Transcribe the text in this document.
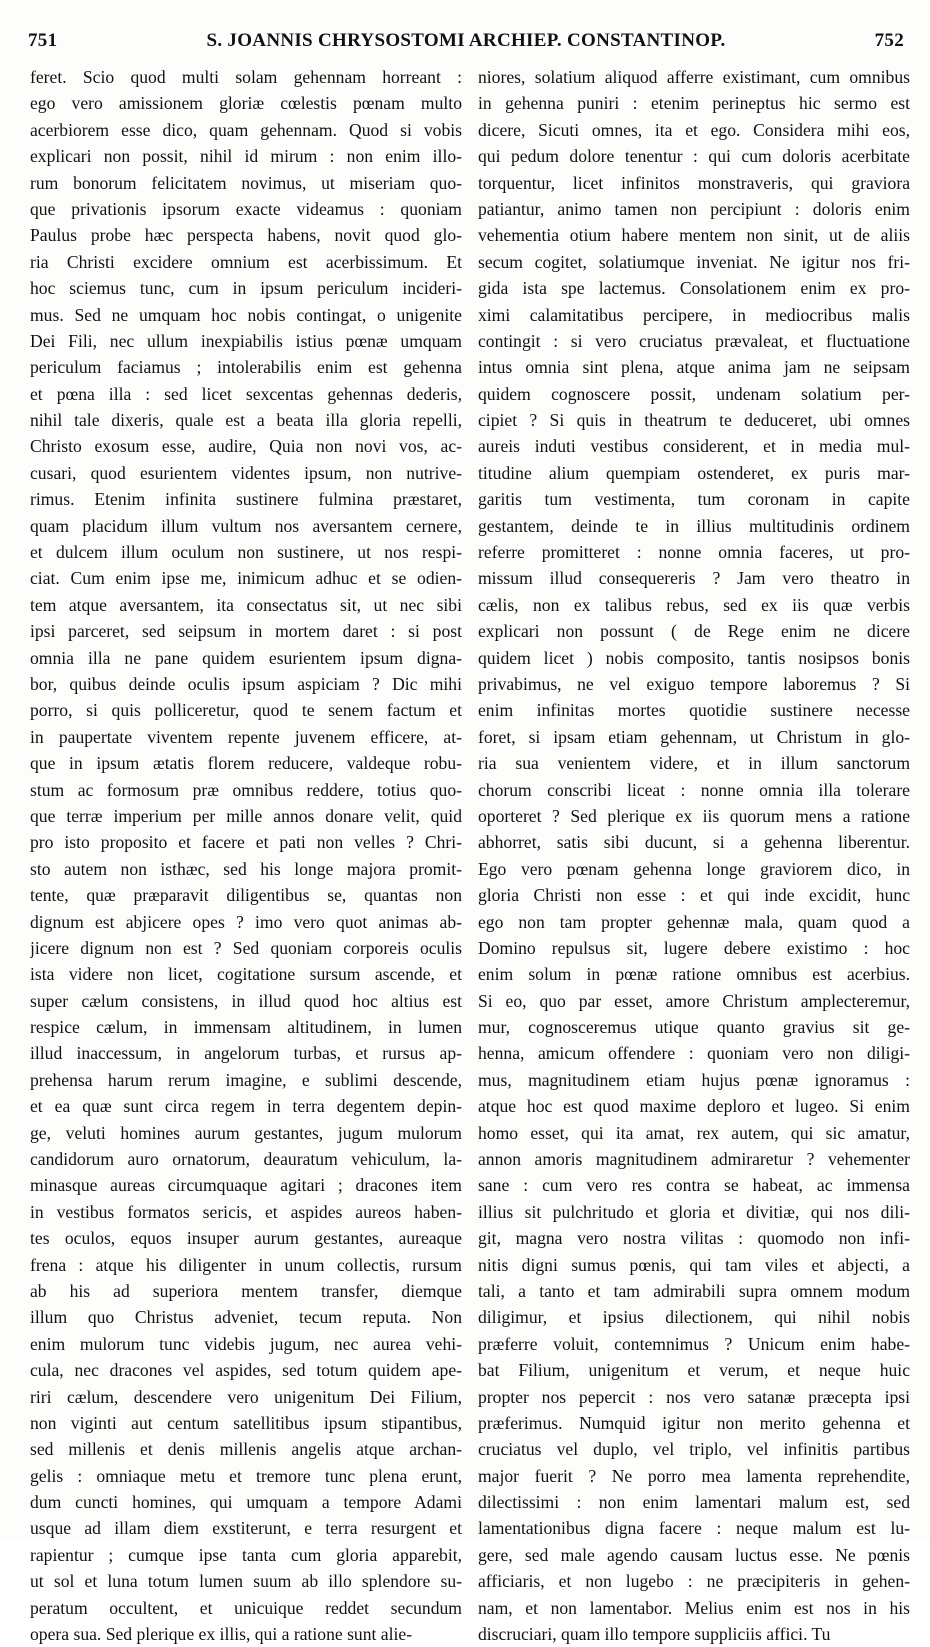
751	S. JOANNIS CHRYSOSTOMI ARCHIEP. CONSTANTINOP.	752
feret. Scio quod multi solam gehennam horreant :
ego vero amissionem gloriæ cœlestis pœnam multo
acerbiorem esse dico, quam gehennam. Quod si vobis
explicari non possit, nihil id mirum : non enim illo-
rum bonorum felicitatem novimus, ut miseriam quo-
que privationis ipsorum exacte videamus : quoniam
Paulus probe hæc perspecta habens, novit quod glo-
ria Christi excidere omnium est acerbissimum. Et
hoc sciemus tunc, cum in ipsum periculum incideri-
mus. Sed ne umquam hoc nobis contingat, o unigenite
Dei Fili, nec ullum inexpiabilis istius pœnæ umquam
periculum faciamus ; intolerabilis enim est gehenna
et pœna illa : sed licet sexcentas gehennas dederis,
nihil tale dixeris, quale est a beata illa gloria repelli,
Christo exosum esse, audire, Quia non novi vos, ac-
cusari, quod esurientem videntes ipsum, non nutrive-
rimus. Etenim infinita sustinere fulmina præstaret,
quam placidum illum vultum nos aversantem cernere,
et dulcem illum oculum non sustinere, ut nos respi-
ciat. Cum enim ipse me, inimicum adhuc et se odien-
tem atque aversantem, ita consectatus sit, ut nec sibi
ipsi parceret, sed seipsum in mortem daret : si post
omnia illa ne pane quidem esurientem ipsum digna-
bor, quibus deinde oculis ipsum aspiciam ? Dic mihi
porro, si quis polliceretur, quod te senem factum et
in paupertate viventem repente juvenem efficere, at-
que in ipsum ætatis florem reducere, valdeque robu-
stum ac formosum præ omnibus reddere, totius quo-
que terræ imperium per mille annos donare velit, quid
pro isto proposito et facere et pati non velles ? Chri-
sto autem non isthæc, sed his longe majora promit-
tente, quæ præparavit diligentibus se, quantas non
dignum est abjicere opes ? imo vero quot animas ab-
jicere dignum non est ? Sed quoniam corporeis oculis
ista videre non licet, cogitatione sursum ascende, et
super cælum consistens, in illud quod hoc altius est
respice cælum, in immensam altitudinem, in lumen
illud inaccessum, in angelorum turbas, et rursus ap-
prehensa harum rerum imagine, e sublimi descende,
et ea quæ sunt circa regem in terra degentem depin-
ge, veluti homines aurum gestantes, jugum mulorum
candidorum auro ornatorum, deauratum vehiculum, la-
minasque aureas circumquaque agitari ; dracones item
in vestibus formatos sericis, et aspides aureos haben-
tes oculos, equos insuper aurum gestantes, aureaque
frena : atque his diligenter in unum collectis, rursum
ab his ad superiora mentem transfer, diemque
illum quo Christus adveniet, tecum reputa. Non
enim mulorum tunc videbis jugum, nec aurea vehi-
cula, nec dracones vel aspides, sed totum quidem ape-
riri cælum, descendere vero unigenitum Dei Filium,
non viginti aut centum satellitibus ipsum stipantibus,
sed millenis et denis millenis angelis atque archan-
gelis : omniaque metu et tremore tunc plena erunt,
dum cuncti homines, qui umquam a tempore Adami
usque ad illam diem exstiterunt, e terra resurgent et
rapientur ; cumque ipse tanta cum gloria apparebit,
ut sol et luna totum lumen suum ab illo splendore su-
peratum occultent, et unicuique reddet secundum
opera sua. Sed plerique ex illis, qui a ratione sunt alie-
niores, solatium aliquod afferre existimant, cum omnibus
in gehenna puniri : etenim perineptus hic sermo est
dicere, Sicuti omnes, ita et ego. Considera mihi eos,
qui pedum dolore tenentur : qui cum doloris acerbitate
torquentur, licet infinitos monstraveris, qui graviora
patiantur, animo tamen non percipiunt : doloris enim
vehementia otium habere mentem non sinit, ut de aliis
secum cogitet, solatiumque inveniat. Ne igitur nos fri-
gida ista spe lactemus. Consolationem enim ex pro-
ximi calamitatibus percipere, in mediocribus malis
contingit : si vero cruciatus prævaleat, et fluctuatione
intus omnia sint plena, atque anima jam ne seipsam
quidem cognoscere possit, undenam solatium per-
cipiet ? Si quis in theatrum te deduceret, ubi omnes
aureis induti vestibus considerent, et in media mul-
titudine alium quempiam ostenderet, ex puris mar-
garitis tum vestimenta, tum coronam in capite
gestantem, deinde te in illius multitudinis ordinem
referre promitteret : nonne omnia faceres, ut pro-
missum illud consequereris ? Jam vero theatro in
cælis, non ex talibus rebus, sed ex iis quæ verbis
explicari non possunt ( de Rege enim ne dicere
quidem licet ) nobis composito, tantis nosipsos bonis
privabimus, ne vel exiguo tempore laboremus ? Si
enim infinitas mortes quotidie sustinere necesse
foret, si ipsam etiam gehennam, ut Christum in glo-
ria sua venientem videre, et in illum sanctorum
chorum conscribi liceat : nonne omnia illa tolerare
oporteret ? Sed plerique ex iis quorum mens a ratione
abhorret, satis sibi ducunt, si a gehenna liberentur.
Ego vero pœnam gehenna longe graviorem dico, in
gloria Christi non esse : et qui inde excidit, hunc
ego non tam propter gehennæ mala, quam quod a
Domino repulsus sit, lugere debere existimo : hoc
enim solum in pœnæ ratione omnibus est acerbius.
Si eo, quo par esset, amore Christum amplecteremur,
mur, cognosceremus utique quanto gravius sit ge-
henna, amicum offendere : quoniam vero non diligi-
mus, magnitudinem etiam hujus pœnæ ignoramus :
atque hoc est quod maxime deploro et lugeo. Si enim
homo esset, qui ita amat, rex autem, qui sic amatur,
annon amoris magnitudinem admiraretur ? vehementer
sane : cum vero res contra se habeat, ac immensa
illius sit pulchritudo et gloria et divitiæ, qui nos dili-
git, magna vero nostra vilitas : quomodo non infi-
nitis digni sumus pœnis, qui tam viles et abjecti, a
tali, a tanto et tam admirabili supra omnem modum
diligimur, et ipsius dilectionem, qui nihil nobis
præferre voluit, contemnimus ? Unicum enim habe-
bat Filium, unigenitum et verum, et neque huic
propter nos pepercit : nos vero satanæ præcepta ipsi
præferimus. Numquid igitur non merito gehenna et
cruciatus vel duplo, vel triplo, vel infinitis partibus
major fuerit ? Ne porro mea lamenta reprehendite,
dilectissimi : non enim lamentari malum est, sed
lamentationibus digna facere : neque malum est lu-
gere, sed male agendo causam luctus esse. Ne pœnis
afficiaris, et non lugebo : ne præcipiteris in gehen-
nam, et non lamentabor. Melius enim est nos in his
discruciari, quam illo tempore suppliciis affici. Tu
